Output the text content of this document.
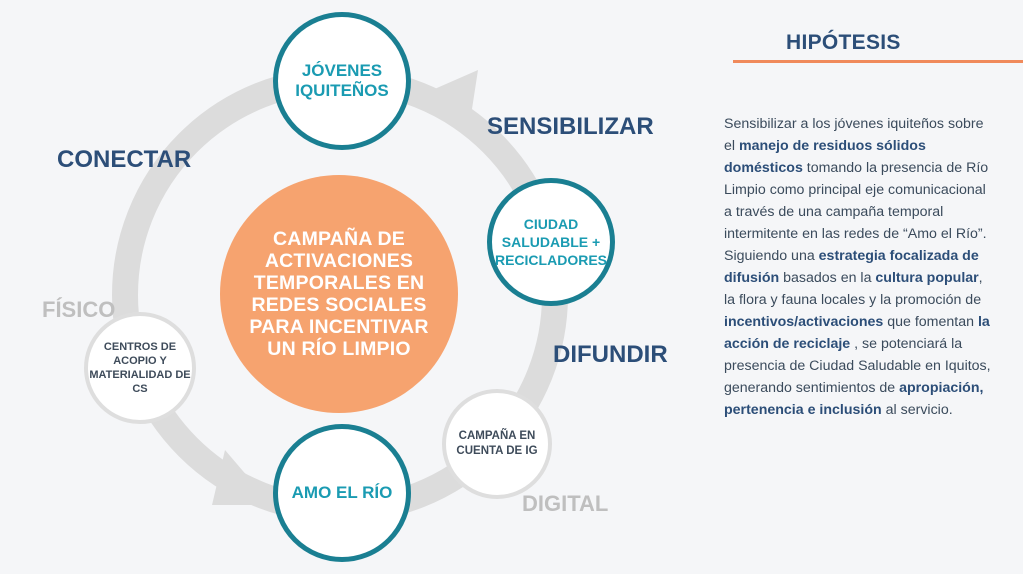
CAMPAÑA DE ACTIVACIONES TEMPORALES EN REDES SOCIALES PARA INCENTIVAR UN RÍO LIMPIO
JÓVENES
IQUITEÑOS
CIUDAD
SALUDABLE +
RECICLADORES
AMO EL RÍO
CAMPAÑA EN
CUENTA DE IG
CENTROS DE
ACOPIO Y
MATERIALIDAD DE
CS
CONECTAR
SENSIBILIZAR
DIFUNDIR
FÍSICO
DIGITAL
HIPÓTESIS
Sensibilizar a los jóvenes iquiteños sobre el manejo de residuos sólidos domésticos tomando la presencia de Río Limpio como principal eje comunicacional a través de una campaña temporal intermitente en las redes de “Amo el Río”. Siguiendo una estrategia focalizada de difusión basados en la cultura popular, la flora y fauna locales y la promoción de incentivos/activaciones que fomentan la acción de reciclaje , se potenciará la presencia de Ciudad Saludable en Iquitos, generando sentimientos de apropiación, pertenencia e inclusión al servicio.
